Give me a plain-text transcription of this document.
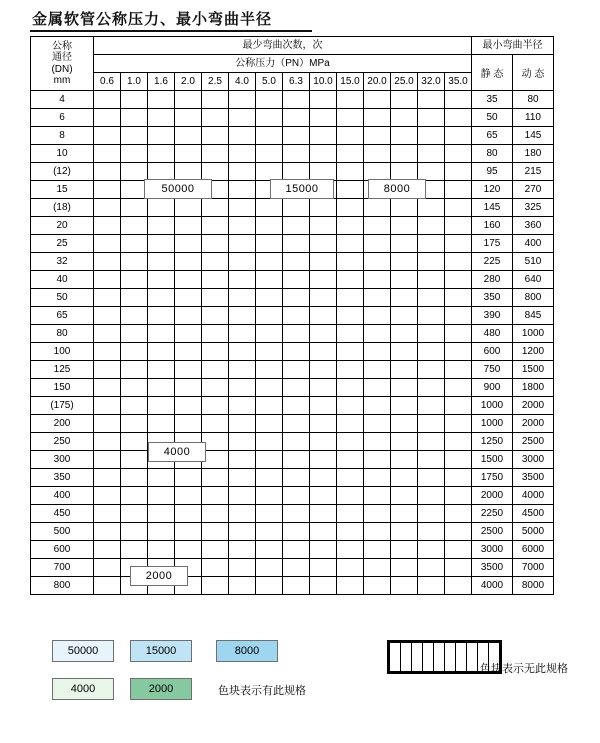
金属软管公称压力、最小弯曲半径
公称
通径
(DN)
mm	最少弯曲次数，次														最小弯曲半径	
	公称压力（PN）MPa														静 态	动 态
	0.6	1.0	1.6	2.0	2.5	4.0	5.0	6.3	10.0	15.0	20.0	25.0	32.0	35.0		
4															35	80
6															50	110
8															65	145
10															80	180
(12)															95	215
15															120	270
(18)															145	325
20															160	360
25															175	400
32															225	510
40															280	640
50															350	800
65															390	845
80															480	1000
100															600	1200
125															750	1500
150															900	1800
(175)															1000	2000
200															1000	2000
250															1250	2500
300															1500	3000
350															1750	3500
400															2000	4000
450															2250	4500
500															2500	5000
600															3000	6000
700															3500	7000
800															4000	8000
50000	15000	8000
4000
2000
50000	15000	8000
4000	2000	色块表示有此规格

色块表示无此规格
